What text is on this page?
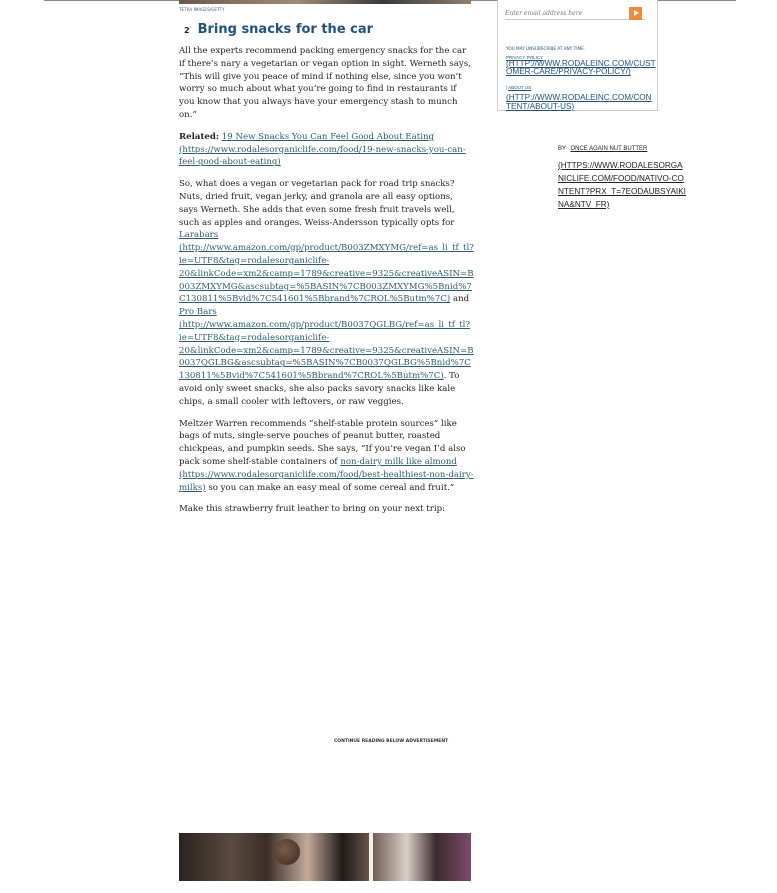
TETRA IMAGES/GETTY
2 Bring snacks for the car

All the experts recommend packing emergency snacks for the car if there’s nary a vegetarian or vegan option in sight. Werneth says, “This will give you peace of mind if nothing else, since you won’t worry so much about what you’re going to find in restaurants if you know that you always have your emergency stash to munch on.”

Related: 19 New Snacks You Can Feel Good About Eating (https://www.rodalesorganiclife.com/food/19-new-snacks-you-can-feel-good-about-eating)

So, what does a vegan or vegetarian pack for road trip snacks? Nuts, dried fruit, vegan jerky, and granola are all easy options, says Werneth. She adds that even some fresh fruit travels well, such as apples and oranges. Weiss-Andersson typically opts for Larabars (http://www.amazon.com/gp/product/B003ZMXYMG/ref=as_li_tf_tl?ie=UTF8&tag=rodalesorganiclife-20&linkCode=xm2&camp=1789&creative=9325&creativeASIN=B003ZMXYMG&ascsubtag=%5BASIN%7CB003ZMXYMG%5Bnid%7C130811%5Bvid%7C541601%5Bbrand%7CROL%5Butm%7C) and Pro Bars (http://www.amazon.com/gp/product/B0037QGLBG/ref=as_li_tf_tl?ie=UTF8&tag=rodalesorganiclife-20&linkCode=xm2&camp=1789&creative=9325&creativeASIN=B0037QGLBG&ascsubtag=%5BASIN%7CB0037QGLBG%5Bnid%7C130811%5Bvid%7C541601%5Bbrand%7CROL%5Butm%7C). To avoid only sweet snacks, she also packs savory snacks like kale chips, a small cooler with leftovers, or raw veggies.

Meltzer Warren recommends “shelf-stable protein sources” like bags of nuts, single-serve pouches of peanut butter, roasted chickpeas, and pumpkin seeds. She says, “If you’re vegan I’d also pack some shelf-stable containers of non-dairy milk like almond (https://www.rodalesorganiclife.com/food/best-healthiest-non-dairy-milks) so you can make an easy meal of some cereal and fruit.”

Make this strawberry fruit leather to bring on your next trip:

Enter email address here
YOU MAY UNSUBSCRIBE AT ANY TIME.
PRIVACY POLICY
(HTTP://WWW.RODALEINC.COM/CUSTOMER-CARE/PRIVACY-POLICY/)
| ABOUT US
(HTTP://WWW.RODALEINC.COM/CONTENT/ABOUT-US)
BY ONCE AGAIN NUT BUTTER
(HTTPS://WWW.RODALESORGANICLIFE.COM/FOOD/NATIVO-CONTENT?PRX_T=7EODAUBSYAIKINA&NTV_FR)
CONTINUE READING BELOW ADVERTISEMENT
